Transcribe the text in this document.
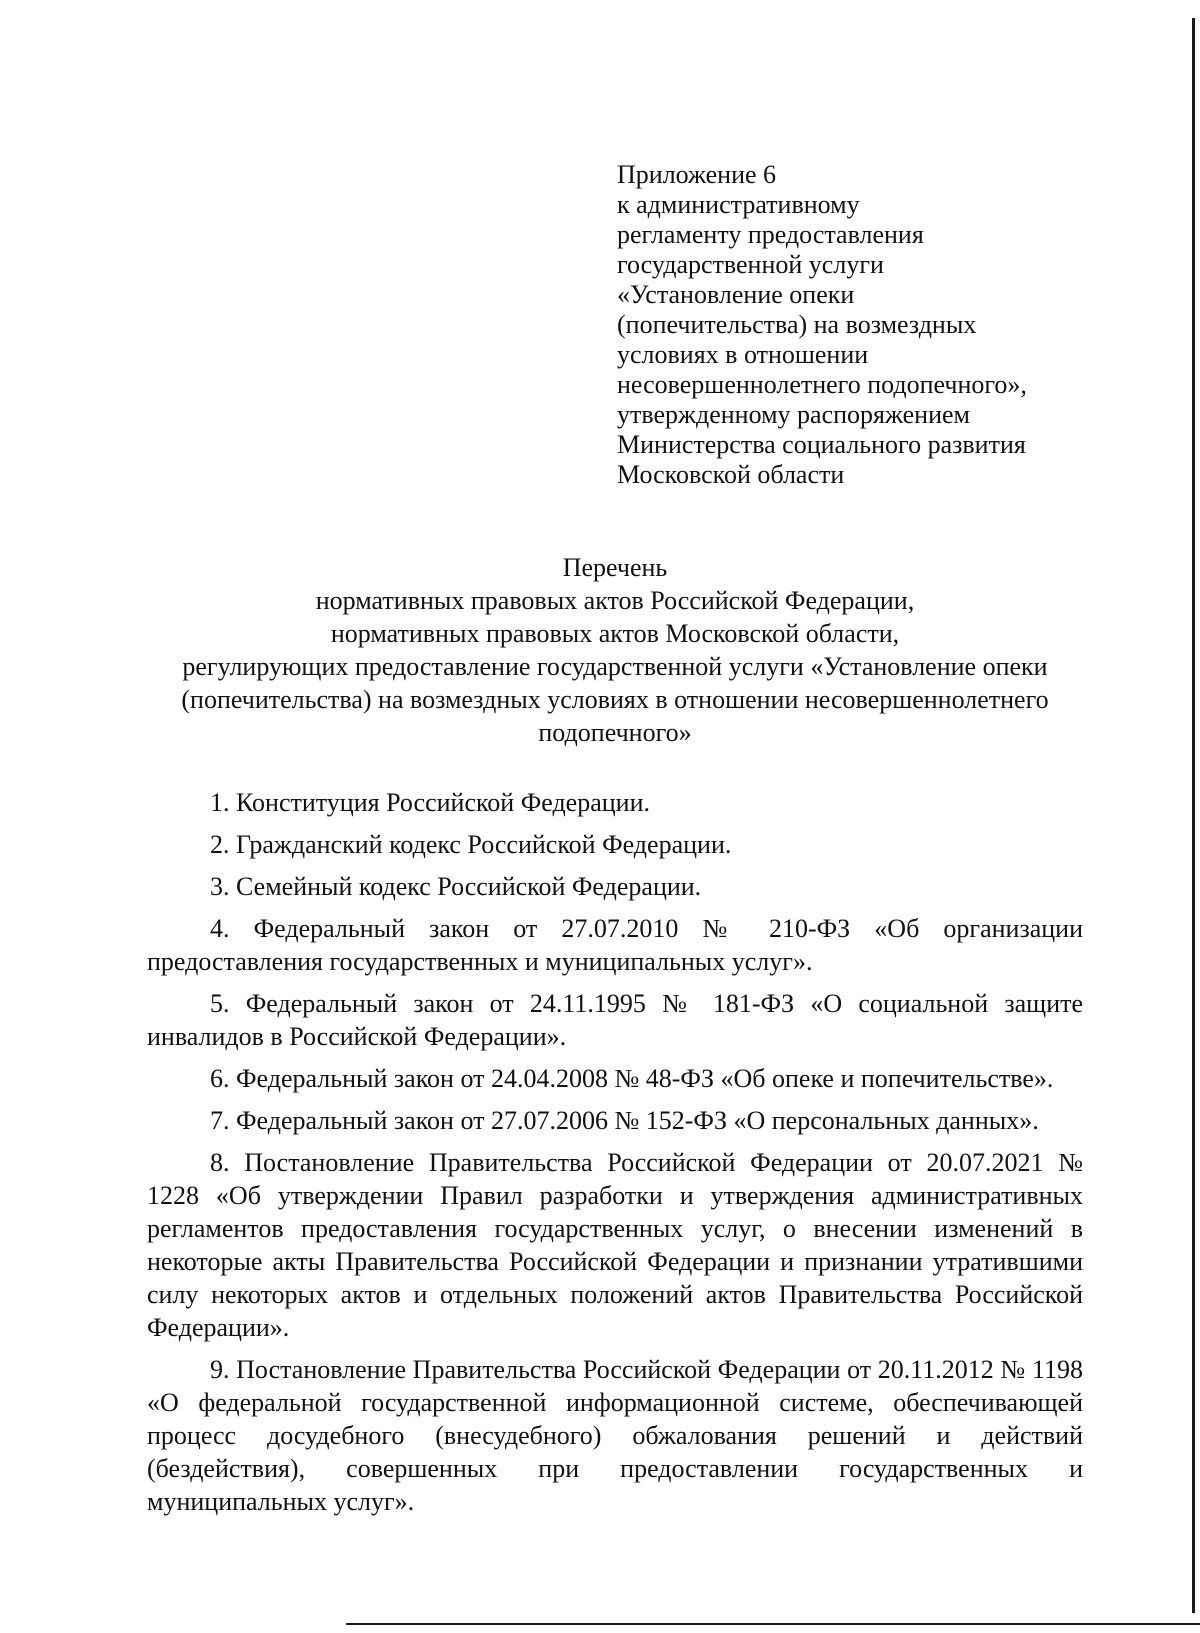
Приложение 6
к административному
регламенту предоставления
государственной услуги
«Установление опеки
(попечительства) на возмездных
условиях в отношении
несовершеннолетнего подопечного»,
утвержденному распоряжением
Министерства социального развития
Московской области
Перечень
нормативных правовых актов Российской Федерации,
нормативных правовых актов Московской области,
регулирующих предоставление государственной услуги «Установление опеки
(попечительства) на возмездных условиях в отношении несовершеннолетнего
подопечного»
1. Конституция Российской Федерации.
2. Гражданский кодекс Российской Федерации.
3. Семейный кодекс Российской Федерации.
4. Федеральный закон от 27.07.2010 № 210-ФЗ «Об организации предоставления государственных и муниципальных услуг».
5. Федеральный закон от 24.11.1995 № 181-ФЗ «О социальной защите инвалидов в Российской Федерации».
6. Федеральный закон от 24.04.2008 № 48-ФЗ «Об опеке и попечительстве».
7. Федеральный закон от 27.07.2006 № 152-ФЗ «О персональных данных».
8. Постановление Правительства Российской Федерации от 20.07.2021 № 1228 «Об утверждении Правил разработки и утверждения административных регламентов предоставления государственных услуг, о внесении изменений в некоторые акты Правительства Российской Федерации и признании утратившими силу некоторых актов и отдельных положений актов Правительства Российской Федерации».
9. Постановление Правительства Российской Федерации от 20.11.2012 № 1198 «О федеральной государственной информационной системе, обеспечивающей процесс досудебного (внесудебного) обжалования решений и действий (бездействия), совершенных при предоставлении государственных и муниципальных услуг».
